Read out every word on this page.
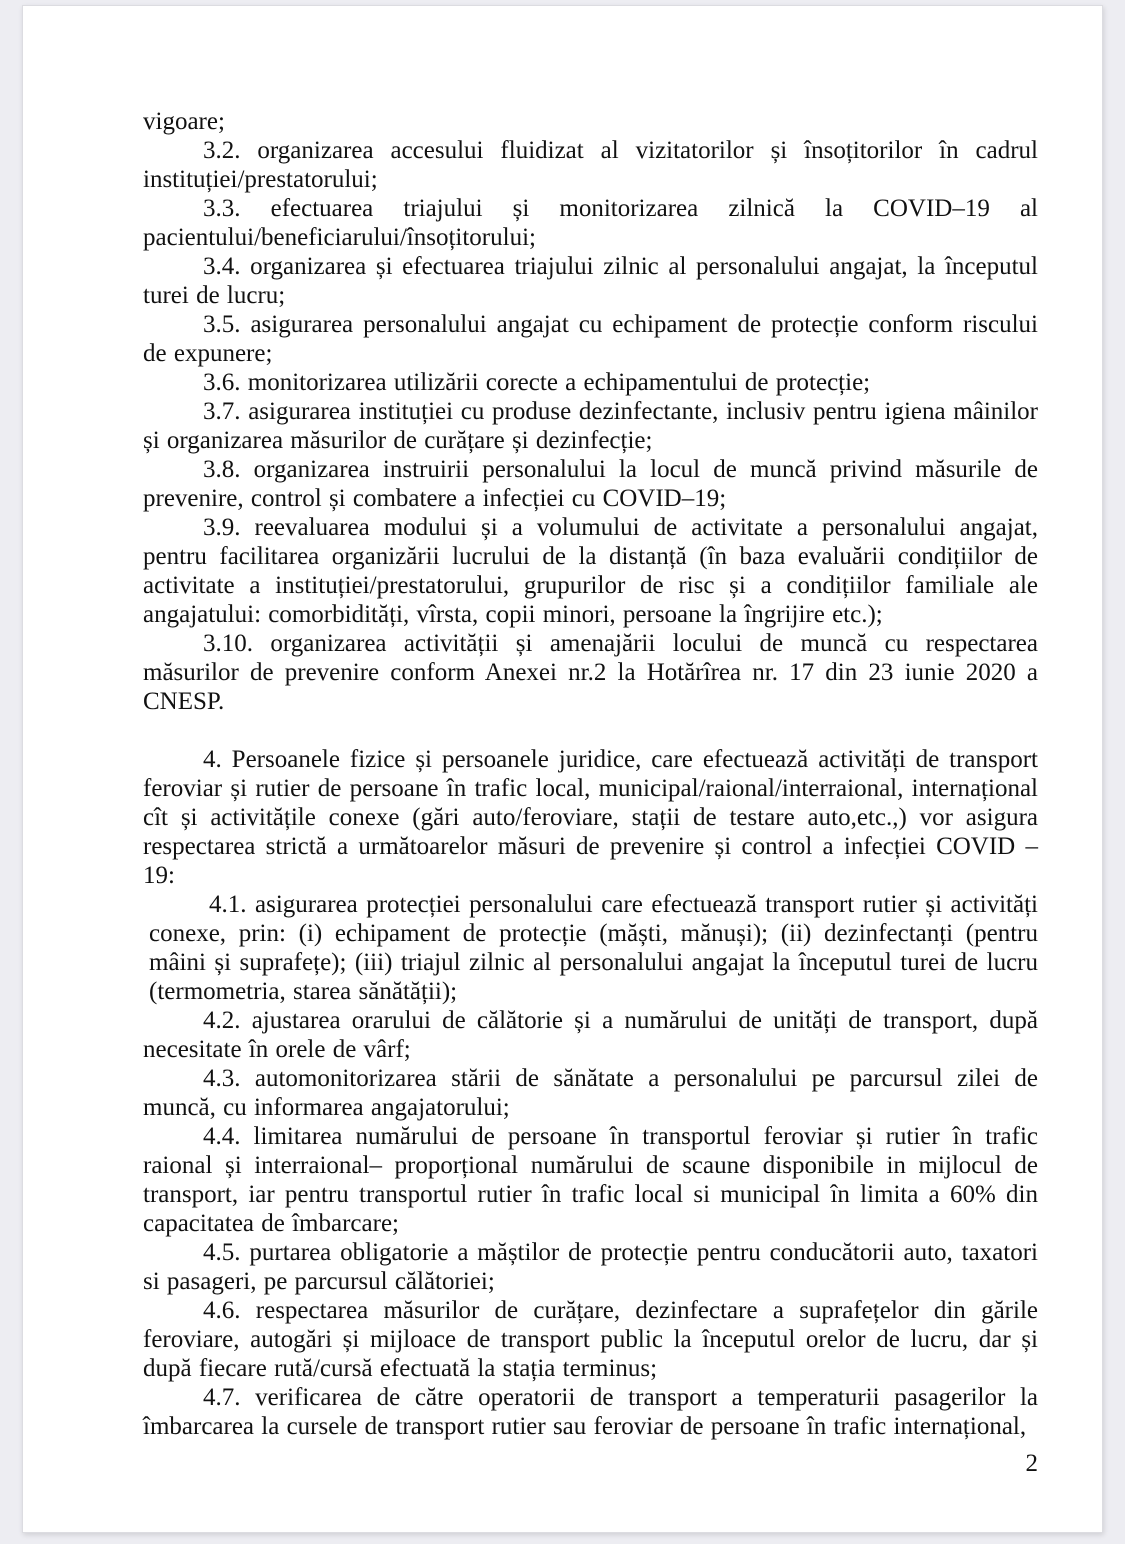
vigoare;

3.2. organizarea accesului fluidizat al vizitatorilor și însoțitorilor în cadrul instituției/prestatorului;

3.3. efectuarea triajului și monitorizarea zilnică la COVID–19 al pacientului/beneficiarului/însoțitorului;

3.4. organizarea și efectuarea triajului zilnic al personalului angajat, la începutul turei de lucru;

3.5. asigurarea personalului angajat cu echipament de protecție conform riscului de expunere;

3.6. monitorizarea utilizării corecte a echipamentului de protecție;

3.7. asigurarea instituției cu produse dezinfectante, inclusiv pentru igiena mâinilor și organizarea măsurilor de curățare și dezinfecție;

3.8. organizarea instruirii personalului la locul de muncă privind măsurile de prevenire, control și combatere a infecției cu COVID–19;

3.9. reevaluarea modului și a volumului de activitate a personalului angajat, pentru facilitarea organizării lucrului de la distanță (în baza evaluării condițiilor de activitate a instituției/prestatorului, grupurilor de risc și a condițiilor familiale ale angajatului: comorbidități, vîrsta, copii minori, persoane la îngrijire etc.);

3.10. organizarea activității și amenajării locului de muncă cu respectarea măsurilor de prevenire conform Anexei nr.2 la Hotărîrea nr. 17 din 23 iunie 2020 a CNESP.

4. Persoanele fizice și persoanele juridice, care efectuează activități de transport feroviar și rutier de persoane în trafic local, municipal/raional/interraional, internațional cît și activitățile conexe (gări auto/feroviare, stații de testare auto,etc.,) vor asigura respectarea strictă a următoarelor măsuri de prevenire și control a infecției COVID – 19:

4.1. asigurarea protecției personalului care efectuează transport rutier și activități conexe, prin: (i) echipament de protecție (măști, mănuși); (ii) dezinfectanți (pentru mâini și suprafețe); (iii) triajul zilnic al personalului angajat la începutul turei de lucru (termometria, starea sănătății);

4.2. ajustarea orarului de călătorie și a numărului de unități de transport, după necesitate în orele de vârf;

4.3. automonitorizarea stării de sănătate a personalului pe parcursul zilei de muncă, cu informarea angajatorului;

4.4. limitarea numărului de persoane în transportul feroviar și rutier în trafic raional și interraional– proporțional numărului de scaune disponibile in mijlocul de transport, iar pentru transportul rutier în trafic local si municipal în limita a 60% din capacitatea de îmbarcare;

4.5. purtarea obligatorie a măștilor de protecție pentru conducătorii auto, taxatori si pasageri, pe parcursul călătoriei;

4.6. respectarea măsurilor de curățare, dezinfectare a suprafețelor din gările feroviare, autogări și mijloace de transport public la începutul orelor de lucru, dar și după fiecare rută/cursă efectuată la stația terminus;

4.7. verificarea de către operatorii de transport a temperaturii pasagerilor la îmbarcarea la cursele de transport rutier sau feroviar de persoane în trafic internațional,

2
